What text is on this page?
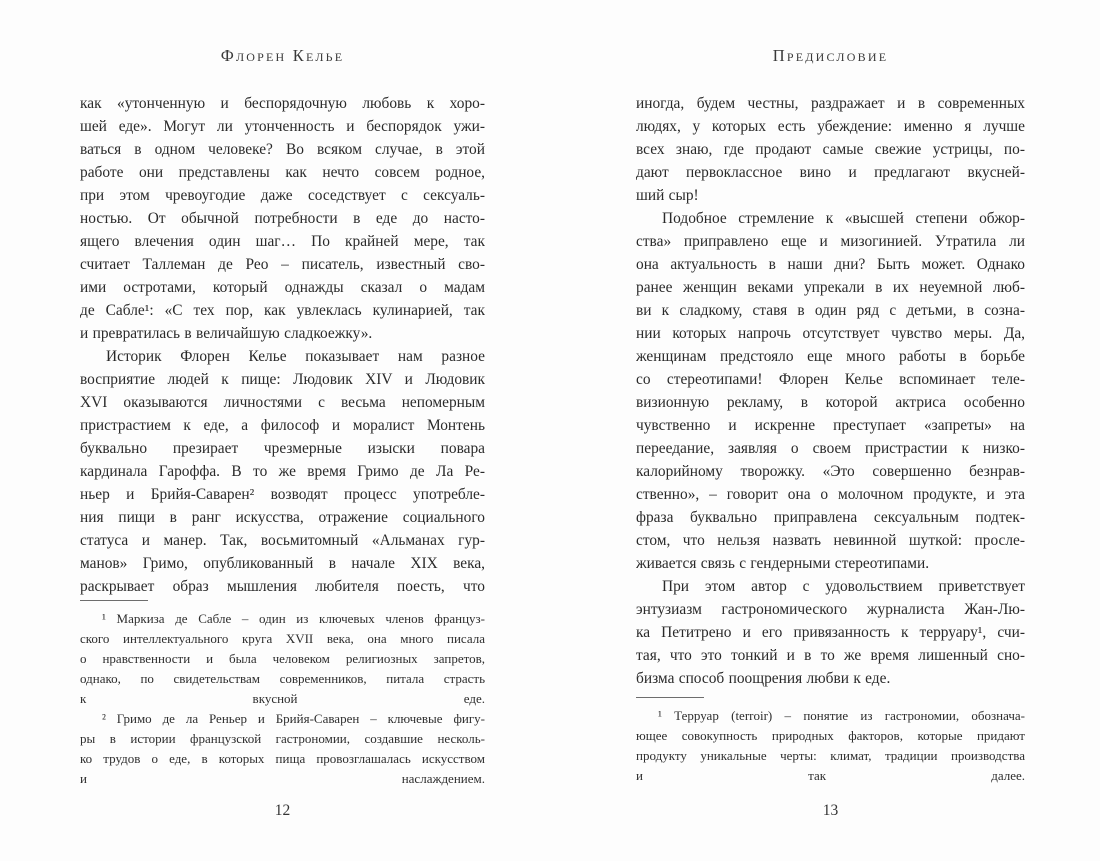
Флорен Келье
как «утонченную и беспорядочную любовь к хоро-
шей еде». Могут ли утонченность и беспорядок ужи-
ваться в одном человеке? Во всяком случае, в этой
работе они представлены как нечто совсем родное,
при этом чревоугодие даже соседствует с сексуаль-
ностью. От обычной потребности в еде до насто-
ящего влечения один шаг… По крайней мере, так
считает Таллеман де Рео – писатель, известный сво-
ими остротами, который однажды сказал о мадам
де Сабле¹: «С тех пор, как увлеклась кулинарией, так
и превратилась в величайшую сладкоежку».
Историк Флорен Келье показывает нам разное
восприятие людей к пище: Людовик XIV и Людовик
XVI оказываются личностями с весьма непомерным
пристрастием к еде, а философ и моралист Монтень
буквально презирает чрезмерные изыски повара
кардинала Гароффа. В то же время Гримо де Ла Ре-
ньер и Брийя-Саварен² возводят процесс употребле-
ния пищи в ранг искусства, отражение социального
статуса и манер. Так, восьмитомный «Альманах гур-
манов» Гримо, опубликованный в начале XIX века,
раскрывает образ мышления любителя поесть, что
¹ Маркиза де Сабле – один из ключевых членов француз-
ского интеллектуального круга XVII века, она много писала
о нравственности и была человеком религиозных запретов,
однако, по свидетельствам современников, питала страсть
к вкусной еде.
² Гримо де ла Реньер и Брийя-Саварен – ключевые фигу-
ры в истории французской гастрономии, создавшие несколь-
ко трудов о еде, в которых пища провозглашалась искусством
и наслаждением.
12
Предисловие
иногда, будем честны, раздражает и в современных
людях, у которых есть убеждение: именно я лучше
всех знаю, где продают самые свежие устрицы, по-
дают первоклассное вино и предлагают вкусней-
ший сыр!
Подобное стремление к «высшей степени обжор-
ства» приправлено еще и мизогинией. Утратила ли
она актуальность в наши дни? Быть может. Однако
ранее женщин веками упрекали в их неуемной люб-
ви к сладкому, ставя в один ряд с детьми, в созна-
нии которых напрочь отсутствует чувство меры. Да,
женщинам предстояло еще много работы в борьбе
со стереотипами! Флорен Келье вспоминает теле-
визионную рекламу, в которой актриса особенно
чувственно и искренне преступает «запреты» на
переедание, заявляя о своем пристрастии к низко-
калорийному творожку. «Это совершенно безнрав-
ственно», – говорит она о молочном продукте, и эта
фраза буквально приправлена сексуальным подтек-
стом, что нельзя назвать невинной шуткой: просле-
живается связь с гендерными стереотипами.
При этом автор с удовольствием приветствует
энтузиазм гастрономического журналиста Жан-Лю-
ка Петитрено и его привязанность к терруару¹, счи-
тая, что это тонкий и в то же время лишенный сно-
бизма способ поощрения любви к еде.
¹ Терруар (terroir) – понятие из гастрономии, обознача-
ющее совокупность природных факторов, которые придают
продукту уникальные черты: климат, традиции производства
и так далее.
13
